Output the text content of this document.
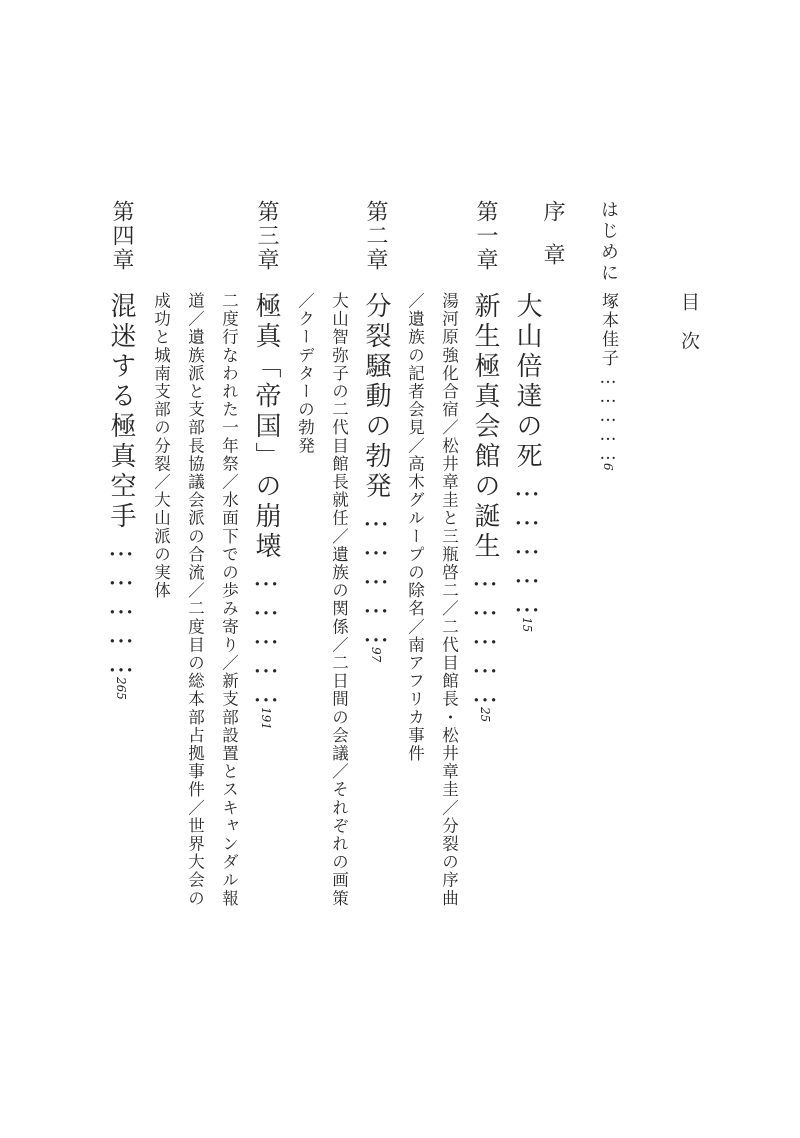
目次
はじめに
塚本佳子……………6
序章
大山倍達の死……………15
第一章
新生極真会館の誕生……………25
湯河原強化合宿／松井章圭と三瓶啓二／二代目館長・松井章圭／分裂の序曲
／遺族の記者会見／高木グループの除名／南アフリカ事件
第二章
分裂騒動の勃発……………97
大山智弥子の二代目館長就任／遺族の関係／二日間の会議／それぞれの画策
／クーデターの勃発
第三章
極真「帝国」の崩壊……………191
二度行なわれた一年祭／水面下での歩み寄り／新支部設置とスキャンダル報
道／遺族派と支部長協議会派の合流／二度目の総本部占拠事件／世界大会の
成功と城南支部の分裂／大山派の実体
第四章
混迷する極真空手……………265
